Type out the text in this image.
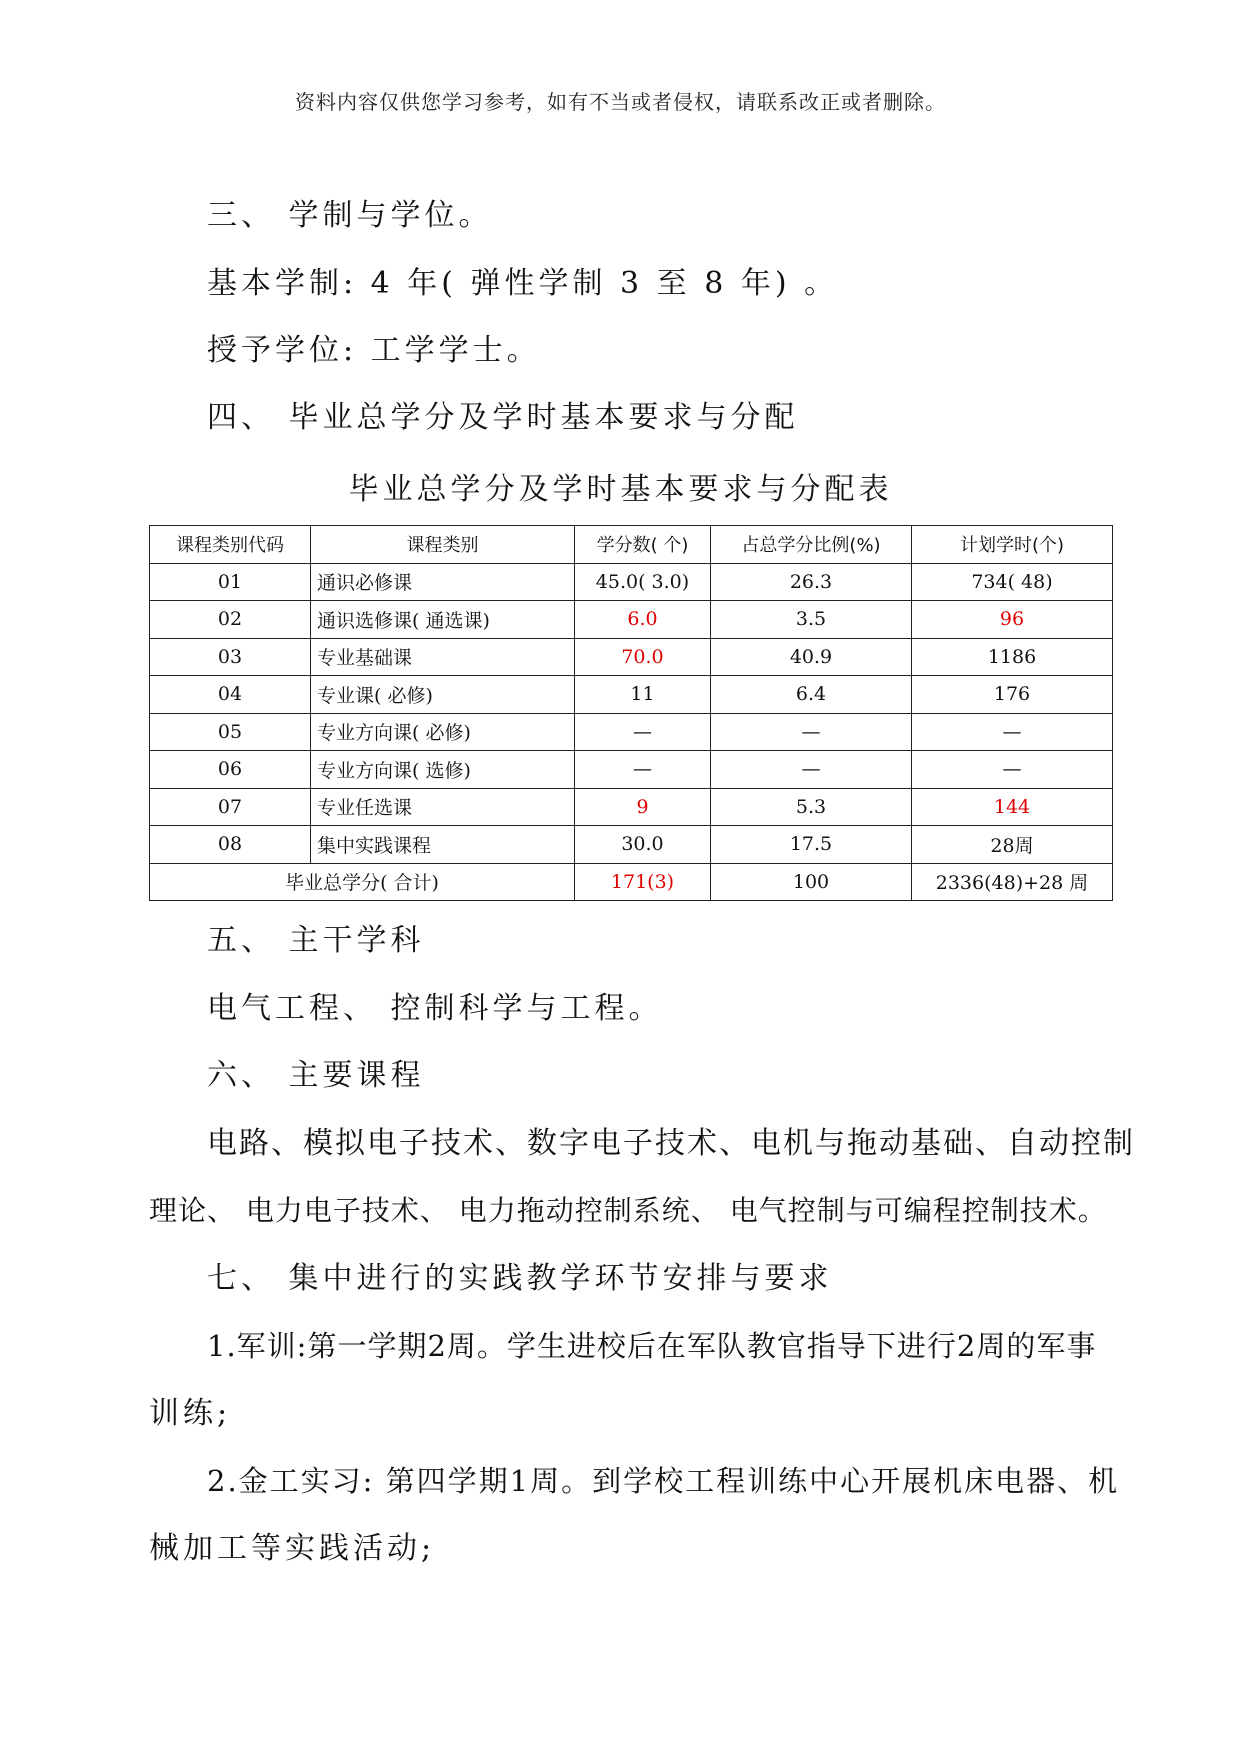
资料内容仅供您学习参考，如有不当或者侵权，请联系改正或者删除。
三、 学制与学位。
基本学制: 4 年( 弹性学制 3 至 8 年) 。
授予学位: 工学学士。
四、 毕业总学分及学时基本要求与分配
毕业总学分及学时基本要求与分配表
课程类别代码	课程类别	学分数( 个)	占总学分比例(%)	计划学时(个)
01	通识必修课	45.0( 3.0)	26.3	734( 48)
02	通识选修课( 通选课)	6.0	3.5	96
03	专业基础课	70.0	40.9	1186
04	专业课( 必修)	11	6.4	176
05	专业方向课( 必修)	—	—	—
06	专业方向课( 选修)	—	—	—
07	专业任选课	9	5.3	144
08	集中实践课程	30.0	17.5	28周
毕业总学分( 合计)		171(3)	100	2336(48)+28 周
五、 主干学科
电气工程、 控制科学与工程。
六、 主要课程
电路、模拟电子技术、数字电子技术、电机与拖动基础、自动控制
理论、 电力电子技术、 电力拖动控制系统、 电气控制与可编程控制技术。
七、 集中进行的实践教学环节安排与要求
1.军训:第一学期2周。学生进校后在军队教官指导下进行2周的军事
训练;
2.金工实习: 第四学期1周。到学校工程训练中心开展机床电器、机
械加工等实践活动;
